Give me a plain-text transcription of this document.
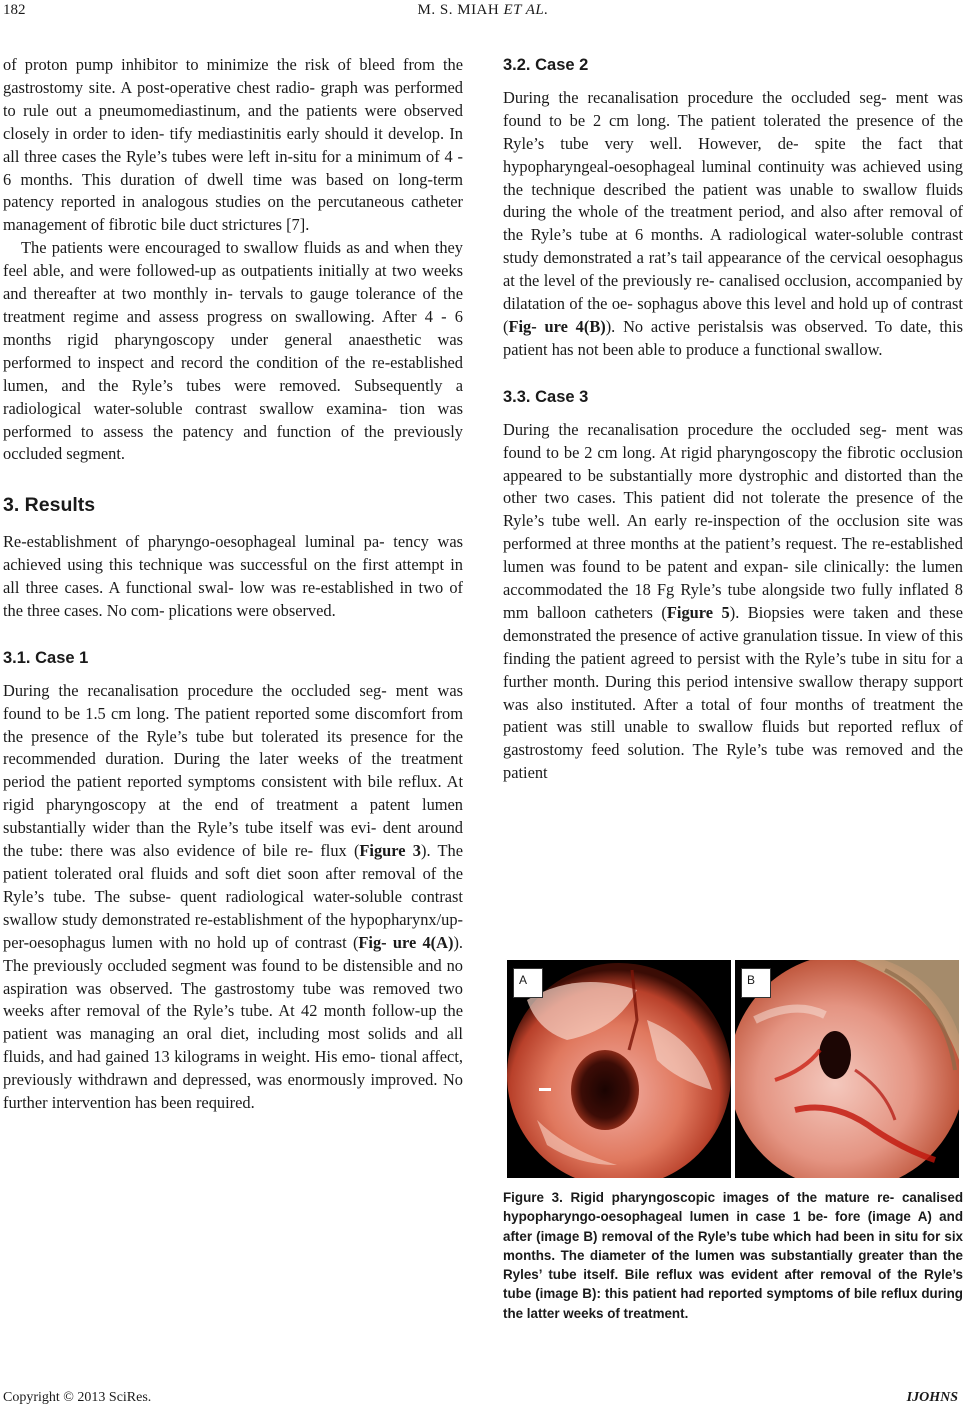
182	M. S. MIAH ET AL.

of proton pump inhibitor to minimize the risk of bleed from the gastrostomy site. A post-operative chest radio- graph was performed to rule out a pneumomediastinum, and the patients were observed closely in order to iden- tify mediastinitis early should it develop. In all three cases the Ryle’s tubes were left in-situ for a minimum of 4 - 6 months. This duration of dwell time was based on long-term patency reported in analogous studies on the percutaneous catheter management of fibrotic bile duct strictures [7].

The patients were encouraged to swallow fluids as and when they feel able, and were followed-up as outpatients initially at two weeks and thereafter at two monthly in- tervals to gauge tolerance of the treatment regime and assess progress on swallowing. After 4 - 6 months rigid pharyngoscopy under general anaesthetic was performed to inspect and record the condition of the re-established lumen, and the Ryle’s tubes were removed. Subsequently a radiological water-soluble contrast swallow examina- tion was performed to assess the patency and function of the previously occluded segment.

3. Results

Re-establishment of pharyngo-oesophageal luminal pa- tency was achieved using this technique was successful on the first attempt in all three cases. A functional swal- low was re-established in two of the three cases. No com- plications were observed.

3.1. Case 1

During the recanalisation procedure the occluded seg- ment was found to be 1.5 cm long. The patient reported some discomfort from the presence of the Ryle’s tube but tolerated its presence for the recommended duration. During the later weeks of the treatment period the patient reported symptoms consistent with bile reflux. At rigid pharyngoscopy at the end of treatment a patent lumen substantially wider than the Ryle’s tube itself was evi- dent around the tube: there was also evidence of bile re- flux (Figure 3). The patient tolerated oral fluids and soft diet soon after removal of the Ryle’s tube. The subse- quent radiological water-soluble contrast swallow study demonstrated re-establishment of the hypopharynx/up- per-oesophagus lumen with no hold up of contrast (Fig- ure 4(A)). The previously occluded segment was found to be distensible and no aspiration was observed. The gastrostomy tube was removed two weeks after removal of the Ryle’s tube. At 42 month follow-up the patient was managing an oral diet, including most solids and all fluids, and had gained 13 kilograms in weight. His emo- tional affect, previously withdrawn and depressed, was enormously improved. No further intervention has been required.

3.2. Case 2

During the recanalisation procedure the occluded seg- ment was found to be 2 cm long. The patient tolerated the presence of the Ryle’s tube very well. However, de- spite the fact that hypopharyngeal-oesophageal luminal continuity was achieved using the technique described the patient was unable to swallow fluids during the whole of the treatment period, and also after removal of the Ryle’s tube at 6 months. A radiological water-soluble contrast study demonstrated a rat’s tail appearance of the cervical oesophagus at the level of the previously re- canalised occlusion, accompanied by dilatation of the oe- sophagus above this level and hold up of contrast (Fig- ure 4(B)). No active peristalsis was observed. To date, this patient has not been able to produce a functional swallow.

3.3. Case 3

During the recanalisation procedure the occluded seg- ment was found to be 2 cm long. At rigid pharyngoscopy the fibrotic occlusion appeared to be substantially more dystrophic and distorted than the other two cases. This patient did not tolerate the presence of the Ryle’s tube well. An early re-inspection of the occlusion site was performed at three months at the patient’s request. The re-established lumen was found to be patent and expan- sile clinically: the lumen accommodated the 18 Fg Ryle’s tube alongside two fully inflated 8 mm balloon catheters (Figure 5). Biopsies were taken and these demonstrated the presence of active granulation tissue. In view of this finding the patient agreed to persist with the Ryle’s tube in situ for a further month. During this period intensive swallow therapy support was also instituted. After a total of four months of treatment the patient was still unable to swallow fluids but reported reflux of gastrostomy feed solution. The Ryle’s tube was removed and the patient

A	B
Figure 3. Rigid pharyngoscopic images of the mature re- canalised hypopharyngo-oesophageal lumen in case 1 be- fore (image A) and after (image B) removal of the Ryle’s tube which had been in situ for six months. The diameter of the lumen was substantially greater than the Ryles’ tube itself. Bile reflux was evident after removal of the Ryle’s tube (image B): this patient had reported symptoms of bile reflux during the latter weeks of treatment.
Copyright © 2013 SciRes.	IJOHNS
